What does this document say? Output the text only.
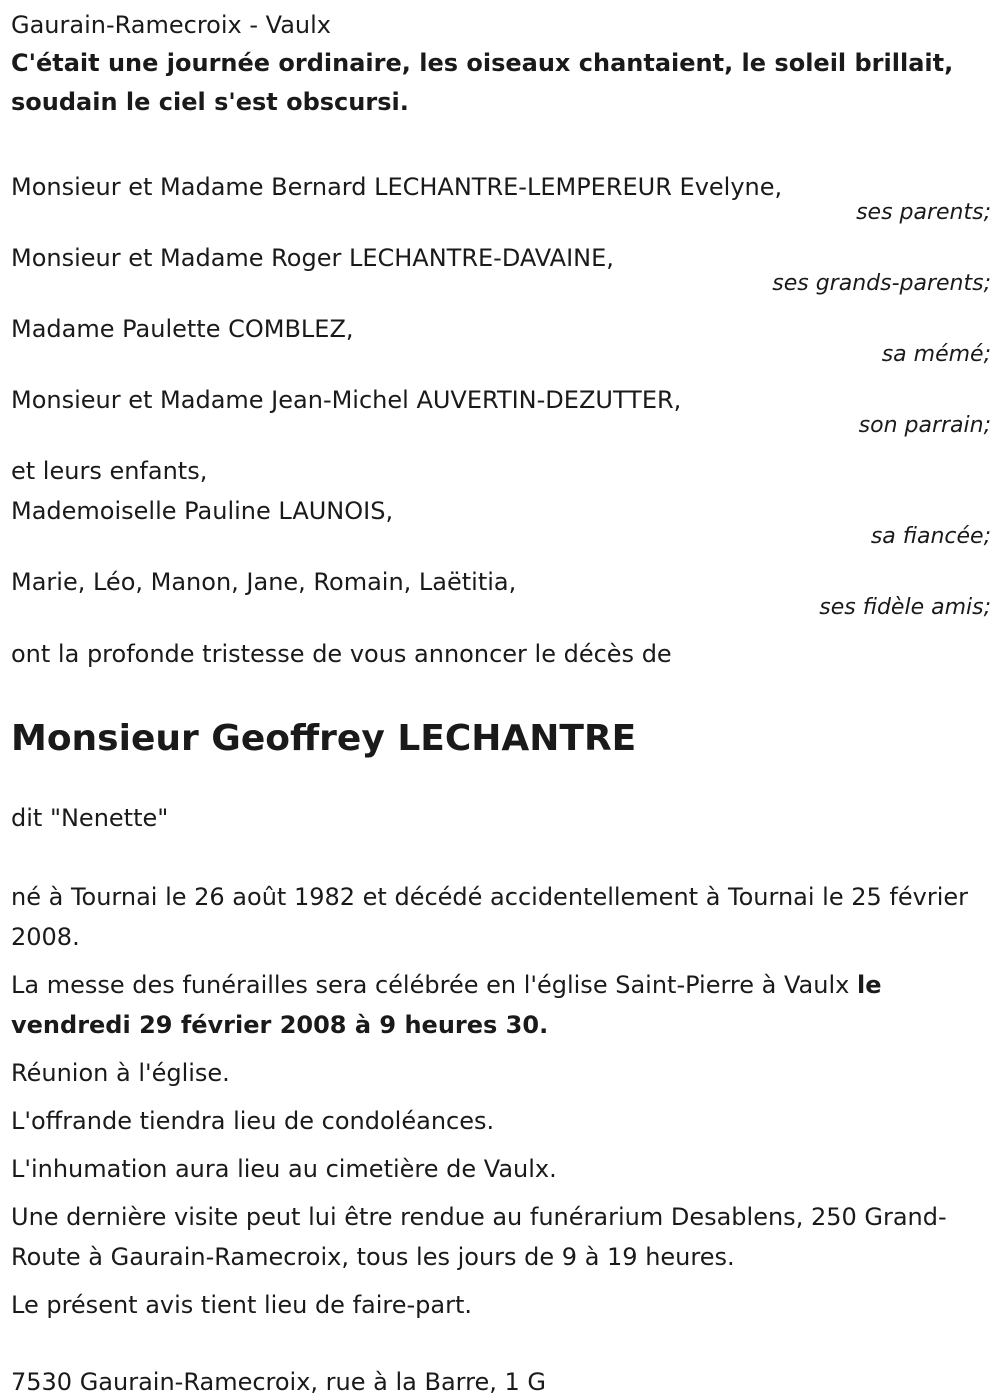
Gaurain-Ramecroix - Vaulx
C'était une journée ordinaire, les oiseaux chantaient, le soleil brillait, soudain le ciel s'est obscursi.
Monsieur et Madame Bernard LECHANTRE-LEMPEREUR Evelyne,
ses parents;
Monsieur et Madame Roger LECHANTRE-DAVAINE,
ses grands-parents;
Madame Paulette COMBLEZ,
sa mémé;
Monsieur et Madame Jean-Michel AUVERTIN-DEZUTTER,
son parrain;
et leurs enfants,
Mademoiselle Pauline LAUNOIS,
sa fiancée;
Marie, Léo, Manon, Jane, Romain, Laëtitia,
ses fidèle amis;
ont la profonde tristesse de vous annoncer le décès de
Monsieur Geoffrey LECHANTRE
dit "Nenette"

né à Tournai le 26 août 1982 et décédé accidentellement à Tournai le 25 février 2008.

La messe des funérailles sera célébrée en l'église Saint-Pierre à Vaulx le vendredi 29 février 2008 à 9 heures 30.

Réunion à l'église.

L'offrande tiendra lieu de condoléances.

L'inhumation aura lieu au cimetière de Vaulx.

Une dernière visite peut lui être rendue au funérarium Desablens, 250 Grand-Route à Gaurain-Ramecroix, tous les jours de 9 à 19 heures.

Le présent avis tient lieu de faire-part.

7530 Gaurain-Ramecroix, rue à la Barre, 1 G
